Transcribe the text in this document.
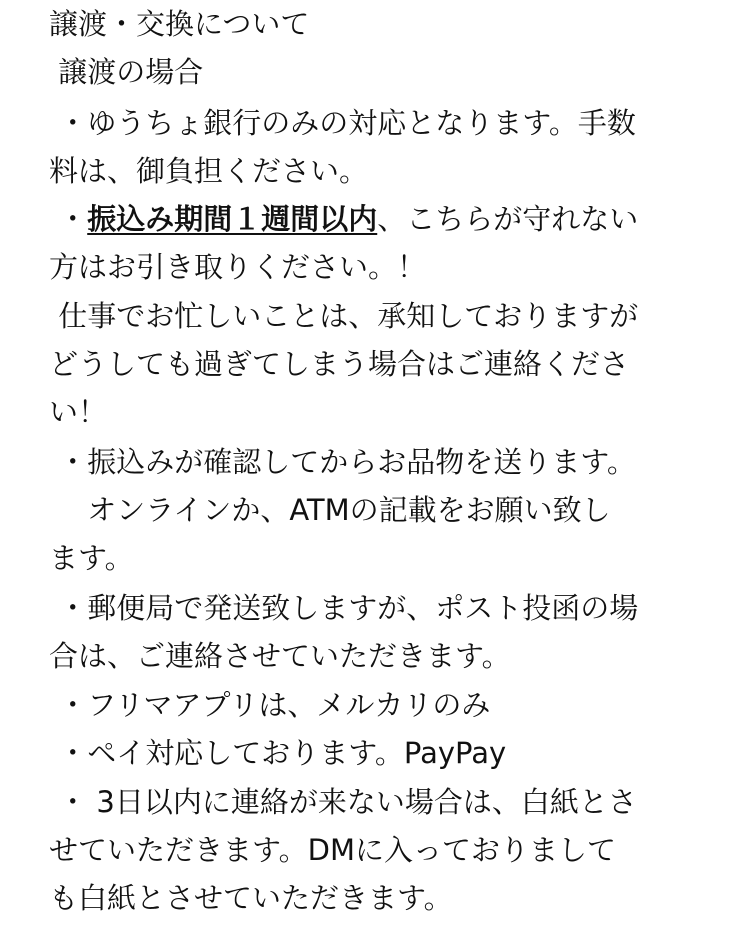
譲渡・交換について
譲渡の場合
・ゆうちょ銀行のみの対応となります。手数
料は、御負担ください。
・振込み期間１週間以内、こちらが守れない
方はお引き取りください。！
仕事でお忙しいことは、承知しておりますが
どうしても過ぎてしまう場合はご連絡くださ
い！
・振込みが確認してからお品物を送ります。
　 オンラインか、ATMの記載をお願い致し
ます。
・郵便局で発送致しますが、ポスト投函の場
合は、ご連絡させていただきます。
・フリマアプリは、メルカリのみ
・ペイ対応しております。PayPay
・ 3日以内に連絡が来ない場合は、白紙とさ
せていただきます。DMに入っておりまして
も白紙とさせていただきます。
